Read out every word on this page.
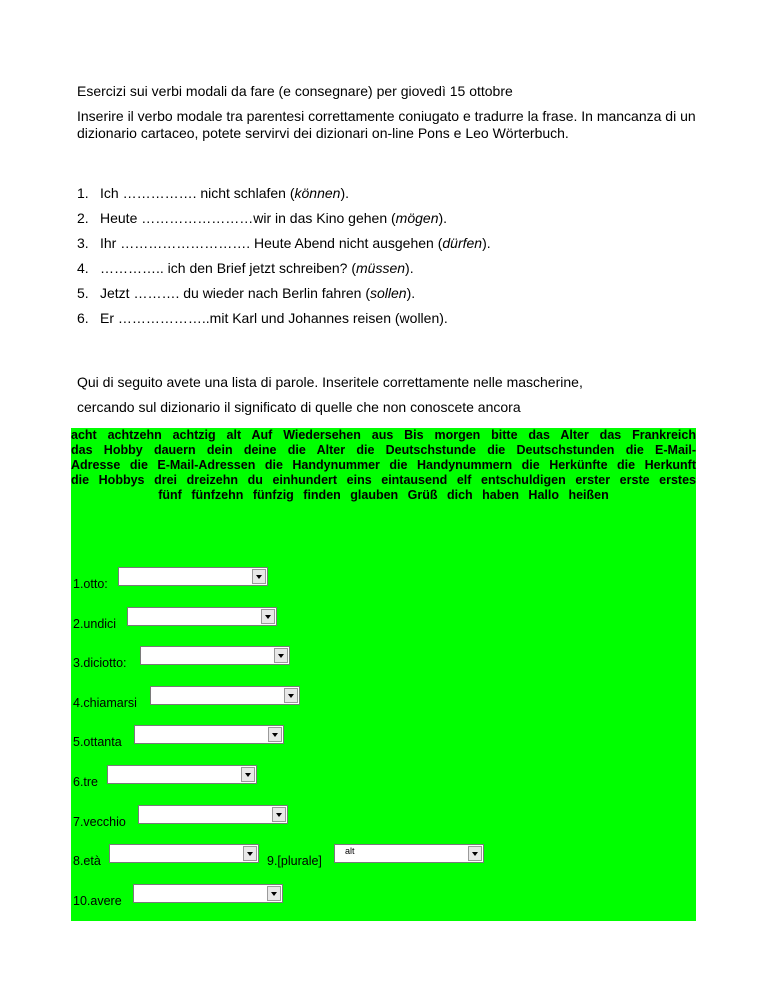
Esercizi sui verbi modali da fare (e consegnare) per giovedì 15 ottobre
Inserire il verbo modale tra parentesi correttamente coniugato e tradurre la frase. In mancanza di un dizionario cartaceo, potete servirvi dei dizionari on-line Pons e Leo Wörterbuch.
1. Ich ……………. nicht schlafen (können).
2. Heute ……………………wir in das Kino gehen (mögen).
3. Ihr ………………………. Heute Abend nicht ausgehen (dürfen).
4. ………….. ich den Brief jetzt schreiben? (müssen).
5. Jetzt ………. du wieder nach Berlin fahren (sollen).
6. Er ………………..mit Karl und Johannes reisen (wollen).
Qui di seguito avete una lista di parole. Inseritele correttamente nelle mascherine,
cercando sul dizionario il significato di quelle che non conoscete ancora
acht achtzehn achtzig alt Auf Wiedersehen aus Bis morgen bitte das Alter das Frankreich das Hobby dauern dein deine die Alter die Deutschstunde die Deutschstunden die E-Mail-Adresse die E-Mail-Adressen die Handynummer die Handynummern die Herkünfte die Herkunft die Hobbys drei dreizehn du einhundert eins eintausend elf entschuldigen erster erste erstes fünf fünfzehn fünfzig finden glauben Grüß dich haben Hallo heißen
1.otto:
2.undici
3.diciotto:
4.chiamarsi
5.ottanta
6.tre
7.vecchio
8.età	9.[plurale]
alt
10.avere
